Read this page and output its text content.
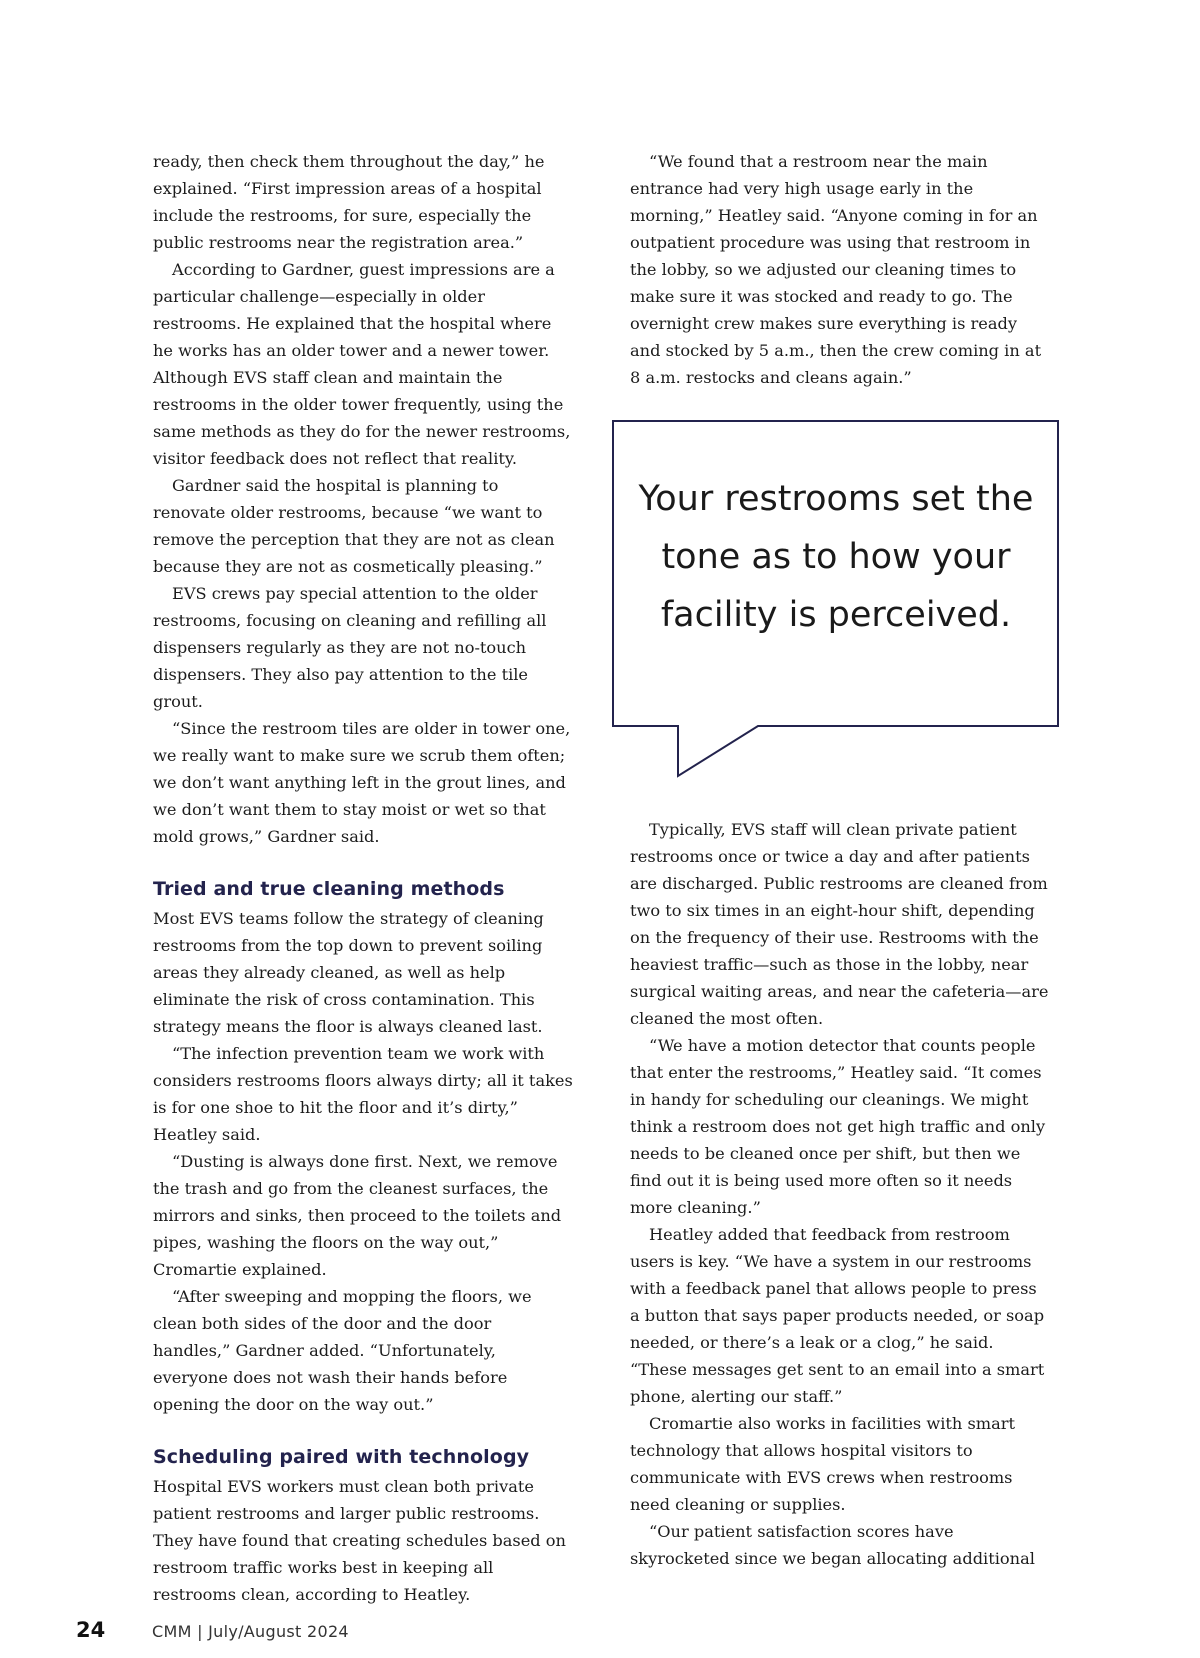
ready, then check them throughout the day,” he explained. “First impression areas of a hospital include the restrooms, for sure, especially the public restrooms near the registration area.”

According to Gardner, guest impressions are a particular challenge—especially in older restrooms. He explained that the hospital where he works has an older tower and a newer tower. Although EVS staff clean and maintain the restrooms in the older tower frequently, using the same methods as they do for the newer restrooms, visitor feedback does not reflect that reality.

Gardner said the hospital is planning to renovate older restrooms, because “we want to remove the perception that they are not as clean because they are not as cosmetically pleasing.”

EVS crews pay special attention to the older restrooms, focusing on cleaning and refilling all dispensers regularly as they are not no-touch dispensers. They also pay attention to the tile grout.

“Since the restroom tiles are older in tower one, we really want to make sure we scrub them often; we don’t want anything left in the grout lines, and we don’t want them to stay moist or wet so that mold grows,” Gardner said.

Tried and true cleaning methods

Most EVS teams follow the strategy of cleaning restrooms from the top down to prevent soiling areas they already cleaned, as well as help eliminate the risk of cross contamination. This strategy means the floor is always cleaned last.

“The infection prevention team we work with considers restrooms floors always dirty; all it takes is for one shoe to hit the floor and it’s dirty,” Heatley said.

“Dusting is always done first. Next, we remove the trash and go from the cleanest surfaces, the mirrors and sinks, then proceed to the toilets and pipes, washing the floors on the way out,” Cromartie explained.

“After sweeping and mopping the floors, we clean both sides of the door and the door handles,” Gardner added. “Unfortunately, everyone does not wash their hands before opening the door on the way out.”

Scheduling paired with technology

Hospital EVS workers must clean both private patient restrooms and larger public restrooms. They have found that creating schedules based on restroom traffic works best in keeping all restrooms clean, according to Heatley.

“We found that a restroom near the main entrance had very high usage early in the morning,” Heatley said. “Anyone coming in for an outpatient procedure was using that restroom in the lobby, so we adjusted our cleaning times to make sure it was stocked and ready to go. The overnight crew makes sure everything is ready and stocked by 5 a.m., then the crew coming in at 8 a.m. restocks and cleans again.”

Your restrooms set the tone as to how your facility is perceived.

Typically, EVS staff will clean private patient restrooms once or twice a day and after patients are discharged. Public restrooms are cleaned from two to six times in an eight-hour shift, depending on the frequency of their use. Restrooms with the heaviest traffic—such as those in the lobby, near surgical waiting areas, and near the cafeteria—are cleaned the most often.

“We have a motion detector that counts people that enter the restrooms,” Heatley said. “It comes in handy for scheduling our cleanings. We might think a restroom does not get high traffic and only needs to be cleaned once per shift, but then we find out it is being used more often so it needs more cleaning.”

Heatley added that feedback from restroom users is key. “We have a system in our restrooms with a feedback panel that allows people to press a button that says paper products needed, or soap needed, or there’s a leak or a clog,” he said. “These messages get sent to an email into a smart phone, alerting our staff.”

Cromartie also works in facilities with smart technology that allows hospital visitors to communicate with EVS crews when restrooms need cleaning or supplies.

“Our patient satisfaction scores have skyrocketed since we began allocating additional

24	CMM | July/August 2024
